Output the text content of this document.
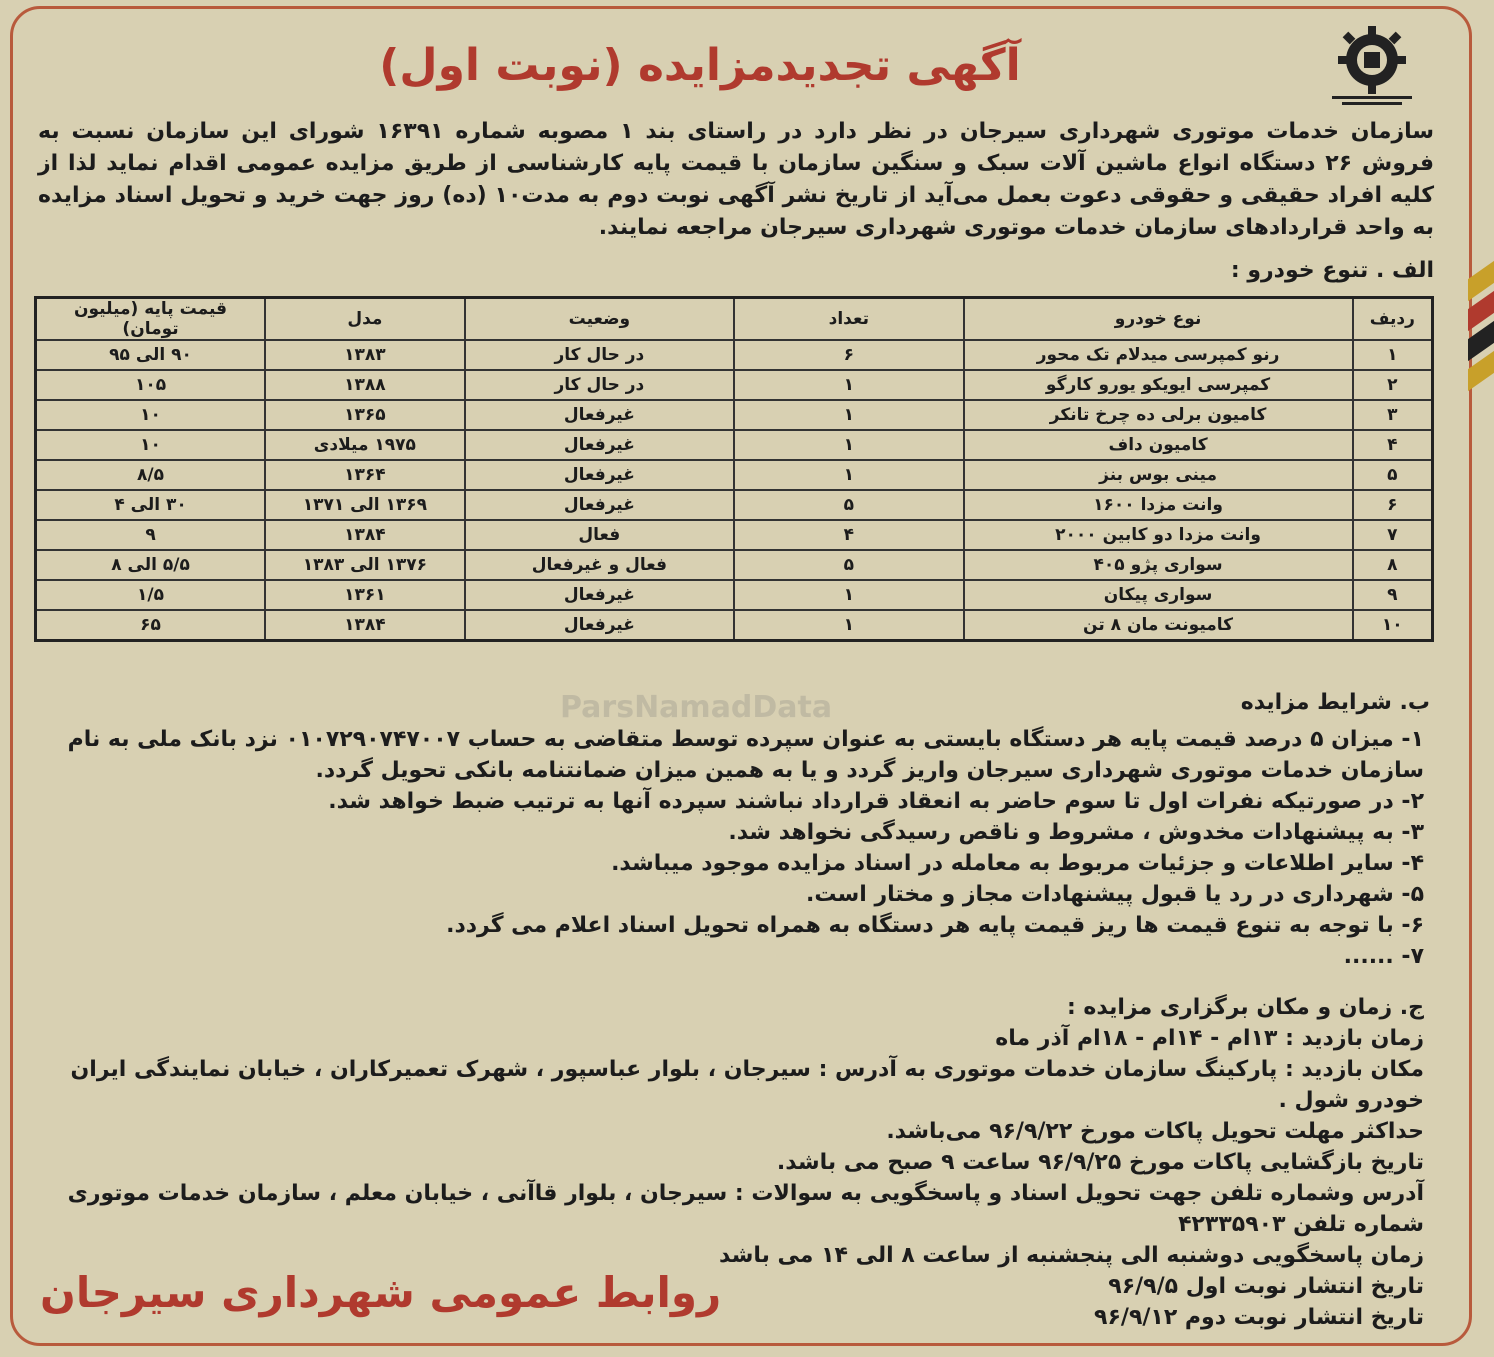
آگهی تجدیدمزایده (نوبت اول)
سازمان خدمات موتوری شهرداری سیرجان در نظر دارد در راستای بند ۱ مصوبه شماره ۱۶۳۹۱ شورای این سازمان نسبت به فروش ۲۶ دستگاه انواع ماشین آلات سبک و سنگین سازمان با قیمت پایه کارشناسی از طریق مزایده عمومی اقدام نماید لذا از کلیه افراد حقیقی و حقوقی دعوت بعمل می‌آید از تاریخ نشر آگهی نوبت دوم به مدت۱۰ (ده) روز جهت خرید و تحویل اسناد مزایده به واحد قراردادهای سازمان خدمات موتوری شهرداری سیرجان مراجعه نمایند.
الف . تنوع خودرو :
ردیف	نوع خودرو	تعداد	وضعیت	مدل	قیمت پایه (میلیون تومان)
۱	رنو کمپرسی میدلام تک محور	۶	در حال کار	۱۳۸۳	۹۰ الی ۹۵
۲	کمپرسی ایویکو یورو کارگو	۱	در حال کار	۱۳۸۸	۱۰۵
۳	کامیون برلی ده چرخ تانکر	۱	غیرفعال	۱۳۶۵	۱۰
۴	کامیون داف	۱	غیرفعال	۱۹۷۵ میلادی	۱۰
۵	مینی بوس بنز	۱	غیرفعال	۱۳۶۴	۸/۵
۶	وانت مزدا ۱۶۰۰	۵	غیرفعال	۱۳۶۹ الی ۱۳۷۱	۳۰ الی ۴
۷	وانت مزدا دو کابین ۲۰۰۰	۴	فعال	۱۳۸۴	۹
۸	سواری پژو ۴۰۵	۵	فعال و غیرفعال	۱۳۷۶ الی ۱۳۸۳	۵/۵ الی ۸
۹	سواری پیکان	۱	غیرفعال	۱۳۶۱	۱/۵
۱۰	کامیونت مان ۸ تن	۱	غیرفعال	۱۳۸۴	۶۵
ParsNamadData	ب. شرایط مزایده
۱- میزان ۵ درصد قیمت پایه هر دستگاه بایستی به عنوان سپرده توسط متقاضی به حساب ۰۱۰۷۲۹۰۷۴۷۰۰۷ نزد بانک ملی به نام سازمان خدمات موتوری شهرداری سیرجان واریز گردد و یا به همین میزان ضمانتنامه بانکی تحویل گردد.
۲- در صورتیکه نفرات اول تا سوم حاضر به انعقاد قرارداد نباشند سپرده آنها به ترتیب ضبط خواهد شد.
۳- به پیشنهادات مخدوش ، مشروط و ناقص رسیدگی نخواهد شد.
۴- سایر اطلاعات و جزئیات مربوط به معامله در اسناد مزایده موجود میباشد.
۵- شهرداری در رد یا قبول پیشنهادات مجاز و مختار است.
۶- با توجه به تنوع قیمت ها ریز قیمت پایه هر دستگاه به همراه تحویل اسناد اعلام می گردد.
۷- ......
ج. زمان و مکان برگزاری مزایده :
زمان بازدید : ۱۳ام - ۱۴ام - ۱۸ام آذر ماه
مکان بازدید : پارکینگ سازمان خدمات موتوری به آدرس : سیرجان ، بلوار عباسپور ، شهرک تعمیرکاران ، خیابان نمایندگی ایران خودرو شول .
حداکثر مهلت تحویل پاکات مورخ ۹۶/۹/۲۲ می‌باشد.
تاریخ بازگشایی پاکات مورخ ۹۶/۹/۲۵ ساعت ۹ صبح می باشد.
آدرس وشماره تلفن جهت تحویل اسناد و پاسخگویی به سوالات : سیرجان ، بلوار قاآنی ، خیابان معلم ، سازمان خدمات موتوری شماره تلفن ۴۲۳۳۵۹۰۳
زمان پاسخگویی دوشنبه الی پنجشنبه از ساعت ۸ الی ۱۴ می باشد
تاریخ انتشار نوبت اول ۹۶/۹/۵
تاریخ انتشار نوبت دوم ۹۶/۹/۱۲
روابط عمومی شهرداری سیرجان
